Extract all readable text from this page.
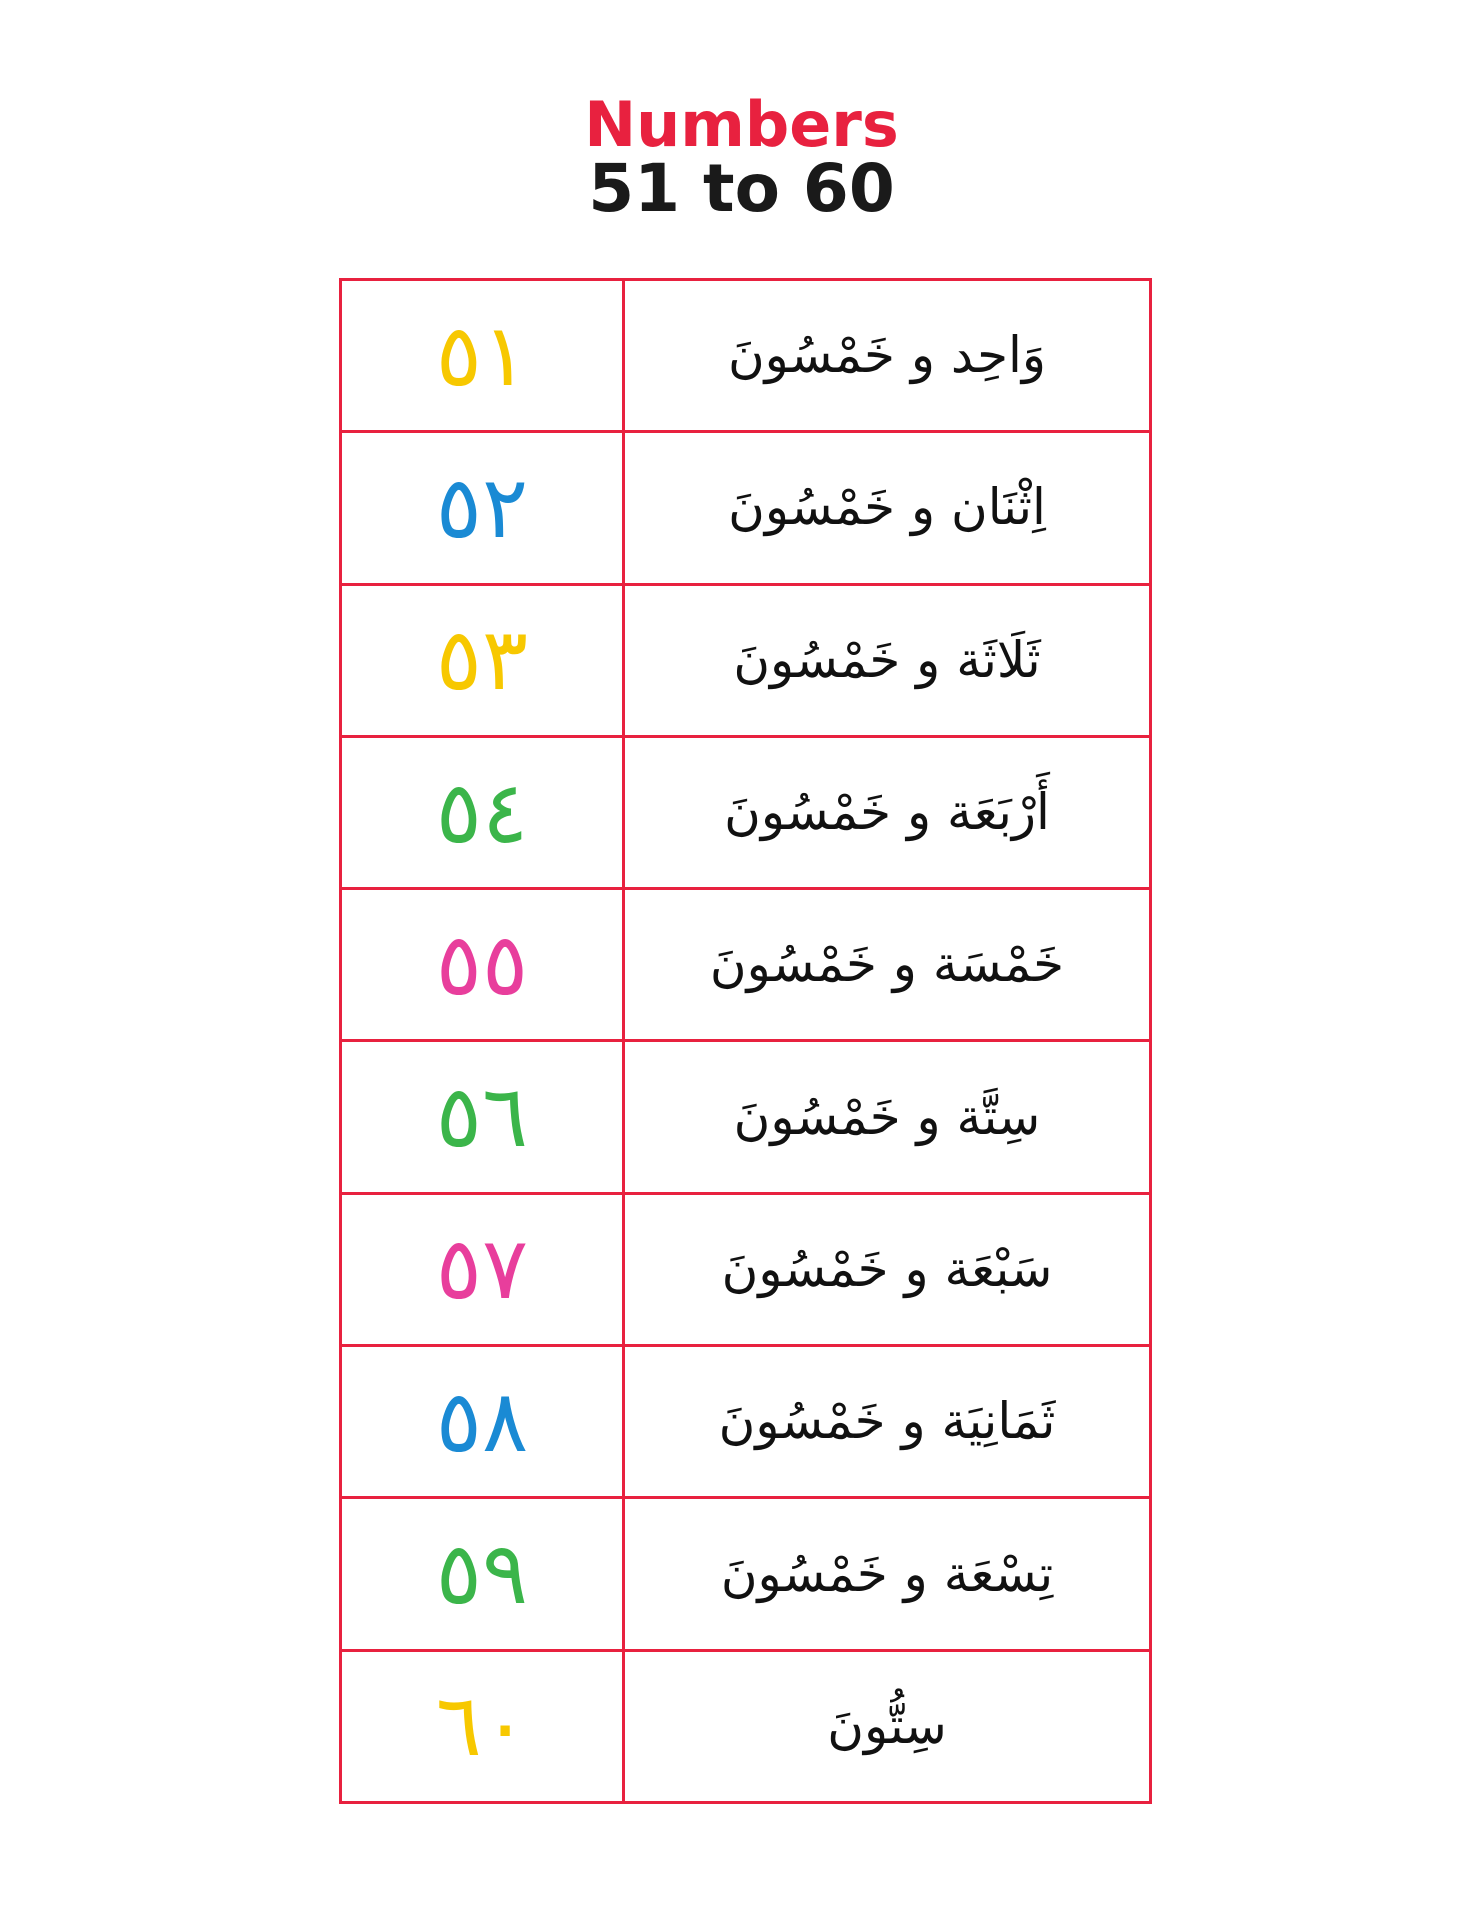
Numbers
51 to 60
٥١	وَاحِد و خَمْسُونَ
٥٢	اِثْنَان و خَمْسُونَ
٥٣	ثَلَاثَة و خَمْسُونَ
٥٤	أَرْبَعَة و خَمْسُونَ
٥٥	خَمْسَة و خَمْسُونَ
٥٦	سِتَّة و خَمْسُونَ
٥٧	سَبْعَة و خَمْسُونَ
٥٨	ثَمَانِيَة و خَمْسُونَ
٥٩	تِسْعَة و خَمْسُونَ
٦٠	سِتُّونَ
